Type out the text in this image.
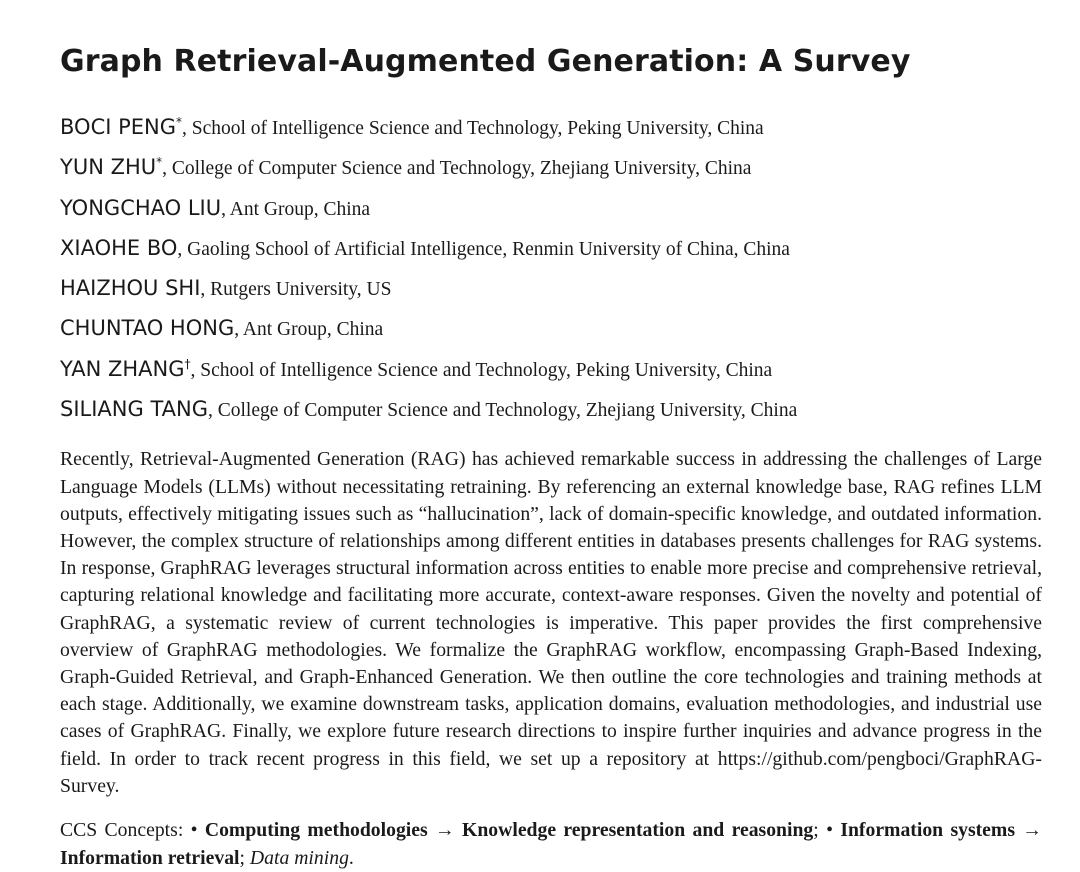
Graph Retrieval-Augmented Generation: A Survey
BOCI PENG*, School of Intelligence Science and Technology, Peking University, China
YUN ZHU*, College of Computer Science and Technology, Zhejiang University, China
YONGCHAO LIU, Ant Group, China
XIAOHE BO, Gaoling School of Artificial Intelligence, Renmin University of China, China
HAIZHOU SHI, Rutgers University, US
CHUNTAO HONG, Ant Group, China
YAN ZHANG†, School of Intelligence Science and Technology, Peking University, China
SILIANG TANG, College of Computer Science and Technology, Zhejiang University, China

Recently, Retrieval-Augmented Generation (RAG) has achieved remarkable success in addressing the challenges of Large Language Models (LLMs) without necessitating retraining. By referencing an external knowledge base, RAG refines LLM outputs, effectively mitigating issues such as “hallucination”, lack of domain-specific knowledge, and outdated information. However, the complex structure of relationships among different entities in databases presents challenges for RAG systems. In response, GraphRAG leverages structural information across entities to enable more precise and comprehensive retrieval, capturing relational knowledge and facilitating more accurate, context-aware responses. Given the novelty and potential of GraphRAG, a systematic review of current technologies is imperative. This paper provides the first comprehensive overview of GraphRAG methodologies. We formalize the GraphRAG workflow, encompassing Graph-Based Indexing, Graph-Guided Retrieval, and Graph-Enhanced Generation. We then outline the core technologies and training methods at each stage. Additionally, we examine downstream tasks, application domains, evaluation methodologies, and industrial use cases of GraphRAG. Finally, we explore future research directions to inspire further inquiries and advance progress in the field. In order to track recent progress in this field, we set up a repository at https://github.com/pengboci/GraphRAG-Survey.

CCS Concepts: • Computing methodologies → Knowledge representation and reasoning; • Information systems → Information retrieval; Data mining.
